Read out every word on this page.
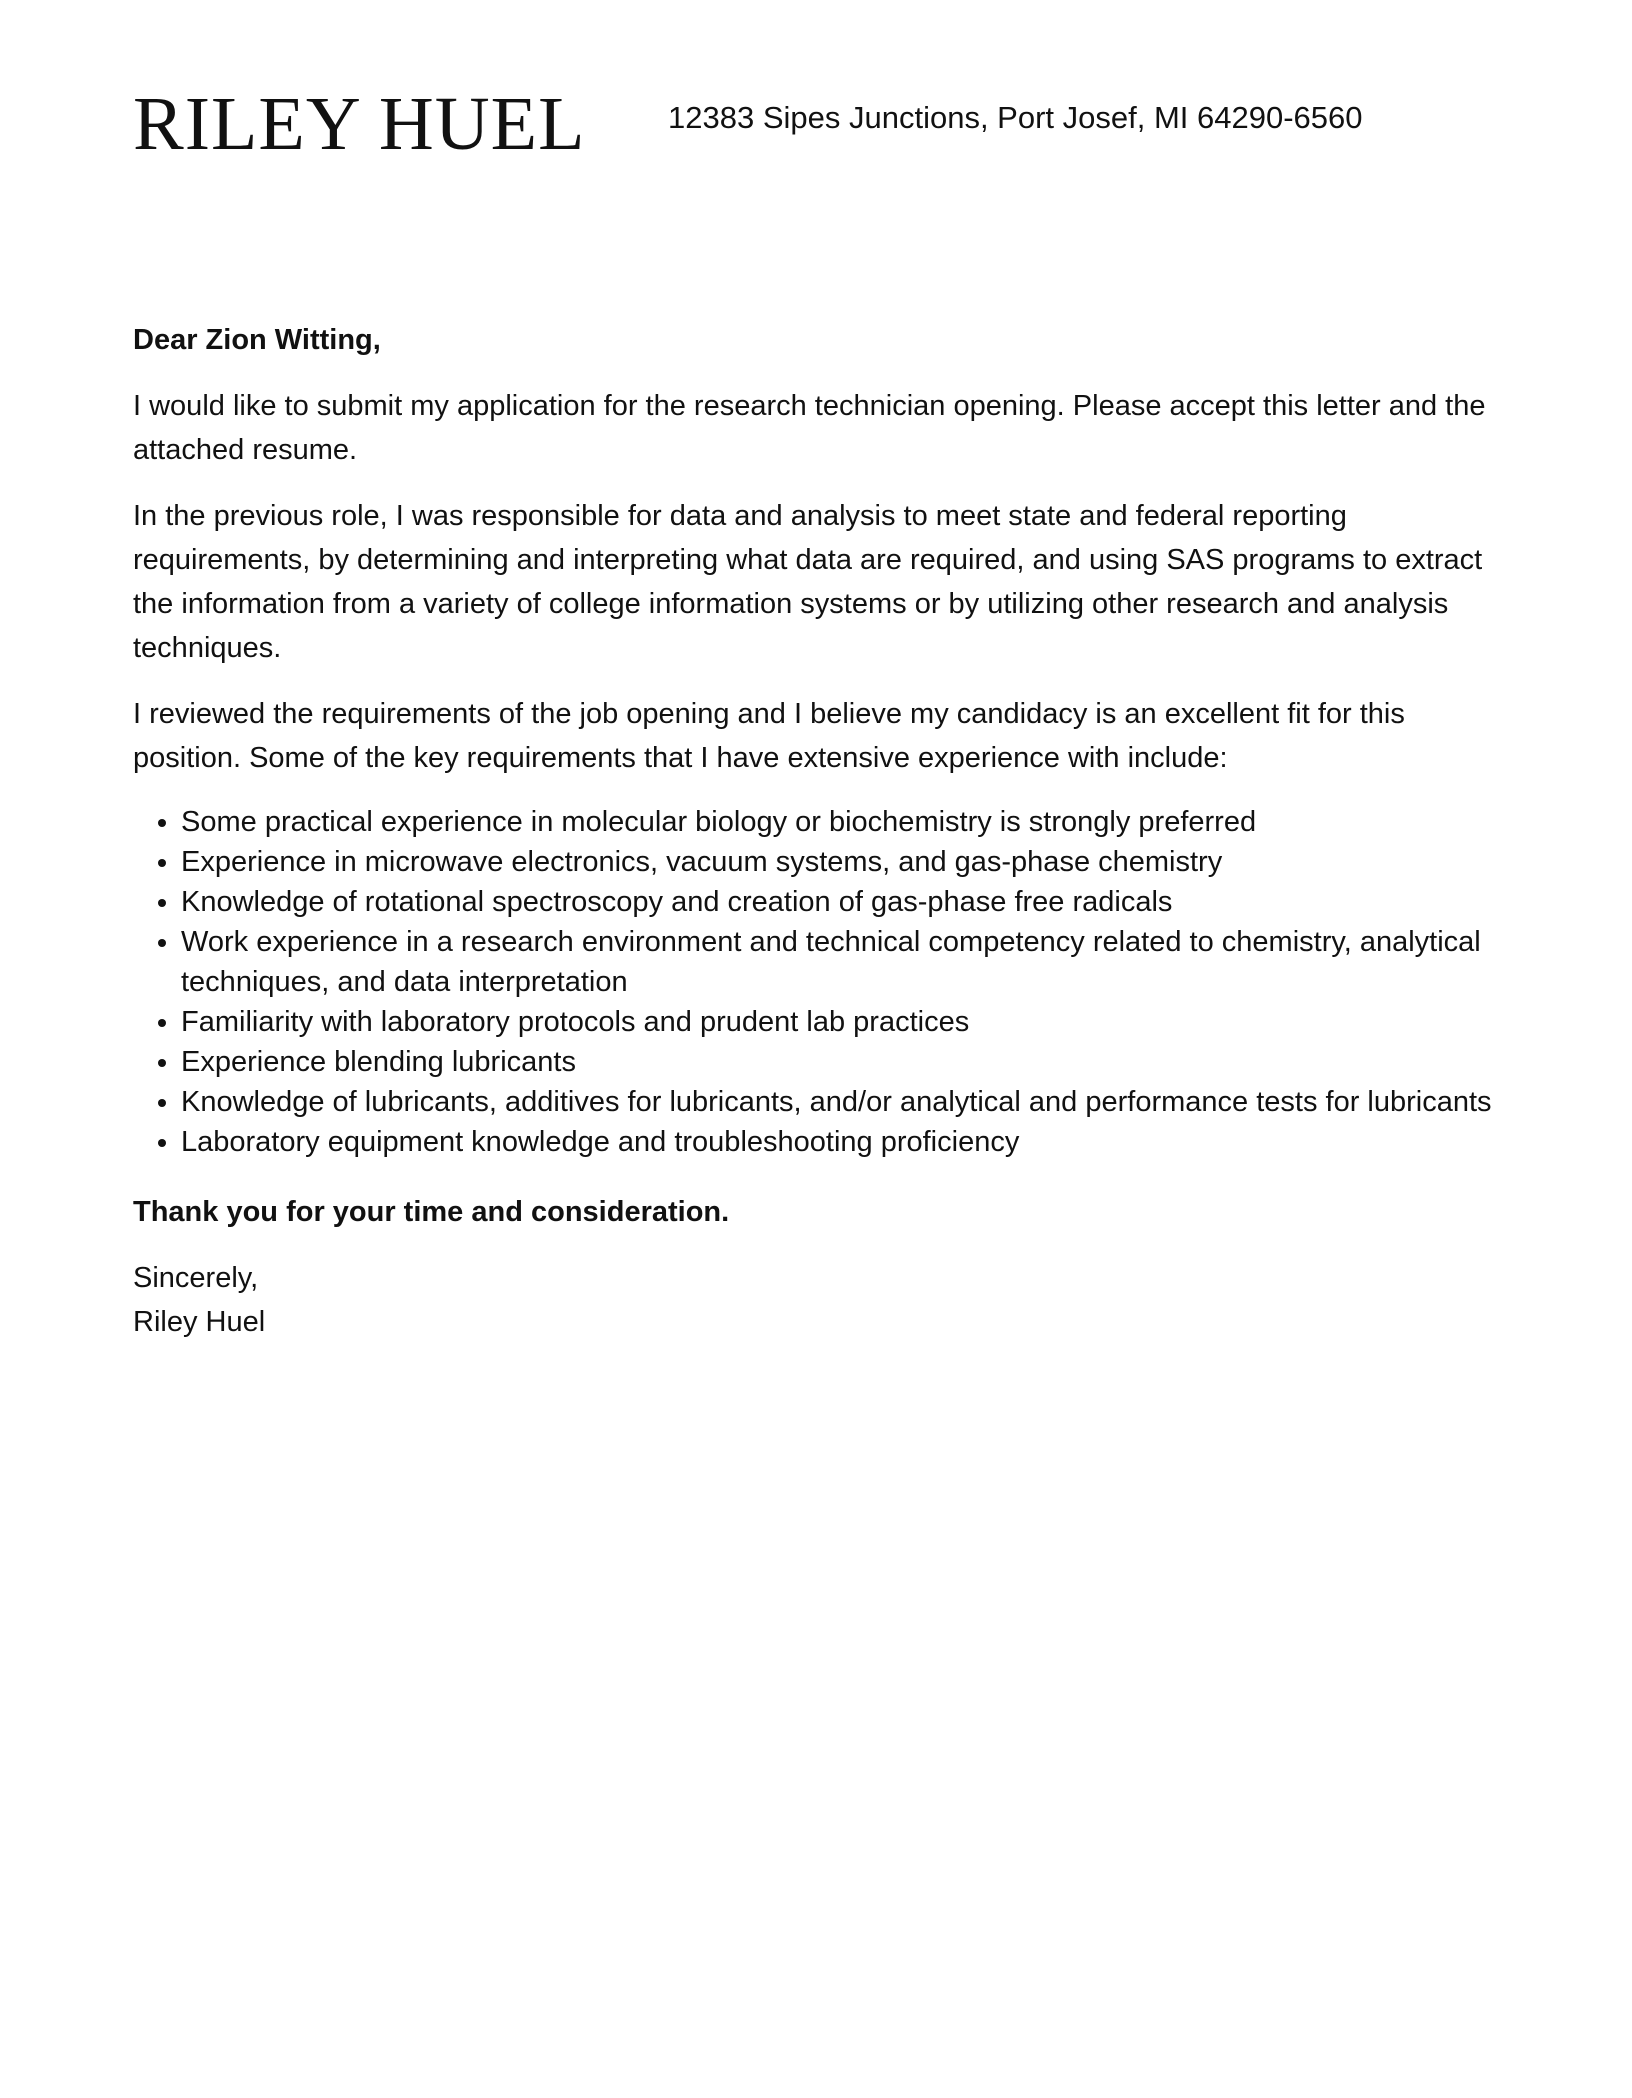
RILEY HUEL	12383 Sipes Junctions, Port Josef, MI 64290-6560

Dear Zion Witting,

I would like to submit my application for the research technician opening. Please accept this letter and the attached resume.

In the previous role, I was responsible for data and analysis to meet state and federal reporting requirements, by determining and interpreting what data are required, and using SAS programs to extract the information from a variety of college information systems or by utilizing other research and analysis techniques.

I reviewed the requirements of the job opening and I believe my candidacy is an excellent fit for this position. Some of the key requirements that I have extensive experience with include:

• Some practical experience in molecular biology or biochemistry is strongly preferred
• Experience in microwave electronics, vacuum systems, and gas-phase chemistry
• Knowledge of rotational spectroscopy and creation of gas-phase free radicals
• Work experience in a research environment and technical competency related to chemistry, analytical techniques, and data interpretation
• Familiarity with laboratory protocols and prudent lab practices
• Experience blending lubricants
• Knowledge of lubricants, additives for lubricants, and/or analytical and performance tests for lubricants
• Laboratory equipment knowledge and troubleshooting proficiency

Thank you for your time and consideration.

Sincerely,
Riley Huel
